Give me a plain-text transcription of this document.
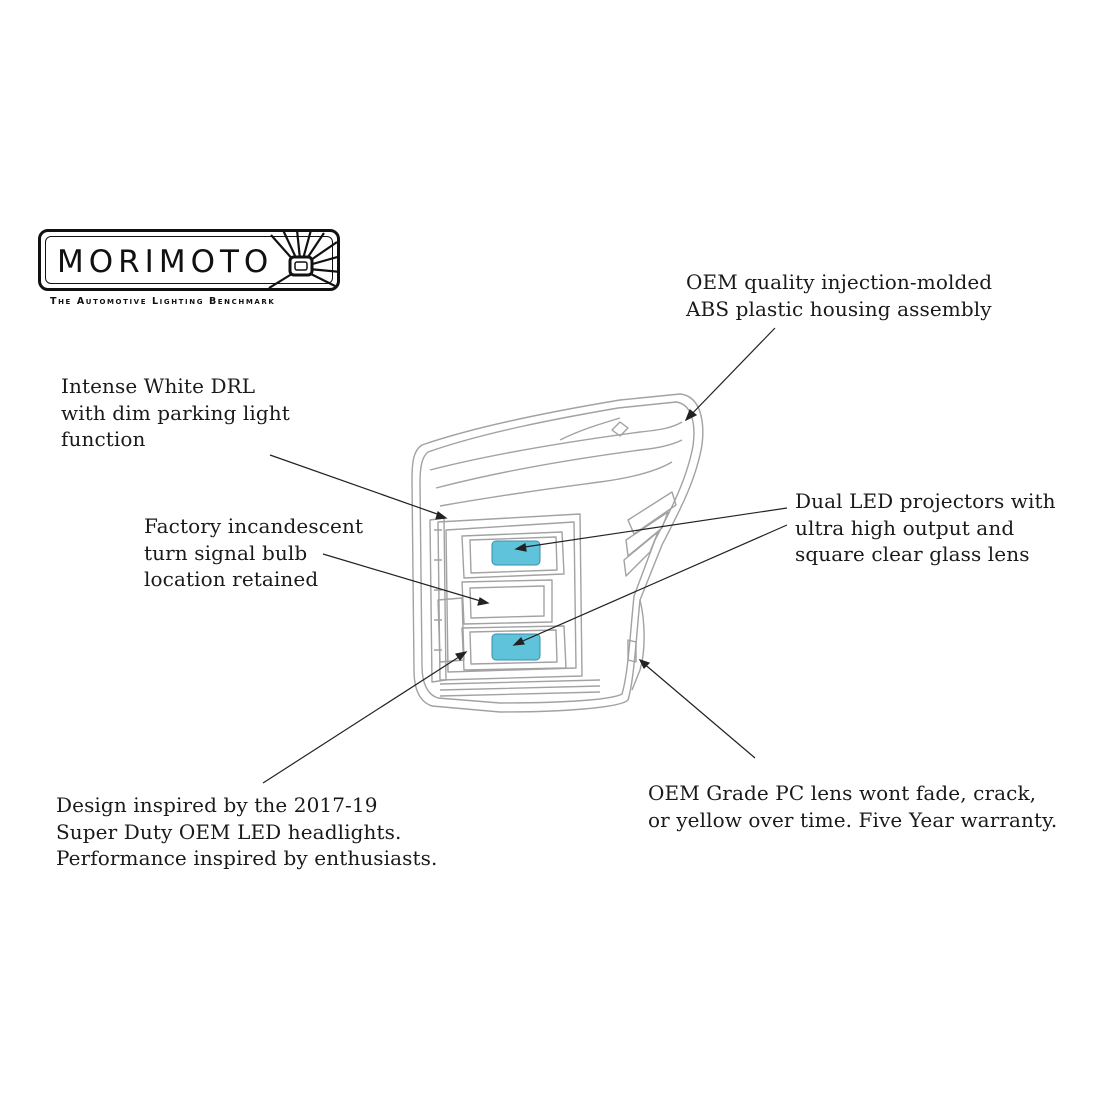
MORIMOTO
The Automotive Lighting Benchmark
OEM quality injection-molded
ABS plastic housing assembly
Intense White DRL
with dim parking light
function
Factory incandescent
turn signal bulb
location retained
Dual LED projectors with
ultra high output and
square clear glass lens
Design inspired by the 2017-19
Super Duty OEM LED headlights.
Performance inspired by enthusiasts.
OEM Grade PC lens wont fade, crack,
or yellow over time. Five Year warranty.
